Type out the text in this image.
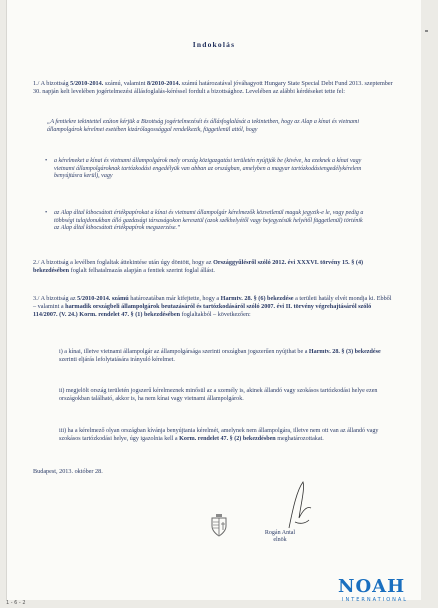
Indokolás
1./ A bizottság 5/2010-2014. számú, valamint 8/2010-2014. számú határozatával jóváhagyott Hungary State Special Debt Fund 2013. szeptember 30. napján kelt levelében jogértelmezési állásfoglalás-kéréssel fordult a bizottsághoz. Levelében az alábbi kérdéseket tette fel:
„A fentiekre tekintettel ezúton kérjük a Bizottság jogértelmezését és állásfoglalását a tekintetben, hogy az Alap a kínai és vietnami állampolgárok kérelmei esetében kizárólagossággal rendelkezik, függetlenül attól, hogy
•	a kérelmeket a kínai és vietnami állampolgárok mely ország közigazgatási területén nyújtják be (kivéve, ha ezeknek a kínai vagy vietnami állampolgároknak tartózkodási engedélyük van abban az országban, amelyben a magyar tartózkodásiengedélykérelem benyújtásra kerül), vagy
•	az Alap által kibocsátott értékpapírokat a kínai és vietnami állampolgár kérelmezők közvetlenül maguk jegyzik-e le, vagy pedig a többségi tulajdonukban álló gazdasági társaságokon keresztül (azok székhelyétől vagy bejegyzésük helyétől függetlenül) történik az Alap által kibocsátott értékpapírok megszerzése.”
2./ A bizottság a levélben foglaltak áttekintése után úgy döntött, hogy az Országgyűlésről szóló 2012. évi XXXVI. törvény 15. § (4) bekezdésében foglalt felhatalmazás alapján a fentiek szerint foglal állást.
3./ A bizottság az 5/2010-2014. számú határozatában már kifejtette, hogy a Harmtv. 28. § (6) bekezdése a területi hatály elvét mondja ki. Ebből – valamint a harmadik országbeli állampolgárok beutazásáról és tartózkodásáról szóló 2007. évi II. törvény végrehajtásáról szóló 114/2007. (V. 24.) Korm. rendelet 47. § (1) bekezdésében foglaltakból – következően:
i) a kínai, illetve vietnami állampolgár az állampolgársága szerinti országban jogszerűen nyújthat be a Harmtv. 28. § (3) bekezdése szerinti eljárás lefolytatására irányuló kérelmet.
ii) megjelölt ország területén jogszerű kérelmeznek minősül az a személy is, akinek állandó vagy szokásos tartózkodási helye ezen országokban található, akkor is, ha nem kínai vagy vietnami állampolgárok.
iii) ha a kérelmező olyan országban kívánja benyújtania kérelmét, amelynek nem állampolgára, illetve nem ott van az állandó vagy szokásos tartózkodási helye, úgy igazolnia kell a Korm. rendelet 47. § (2) bekezdésben meghatározottakat.
Budapest, 2013. október 28.
Rogán Antal
elnök
NOAH
INTERNATIONAL
1 - 6 - 2
